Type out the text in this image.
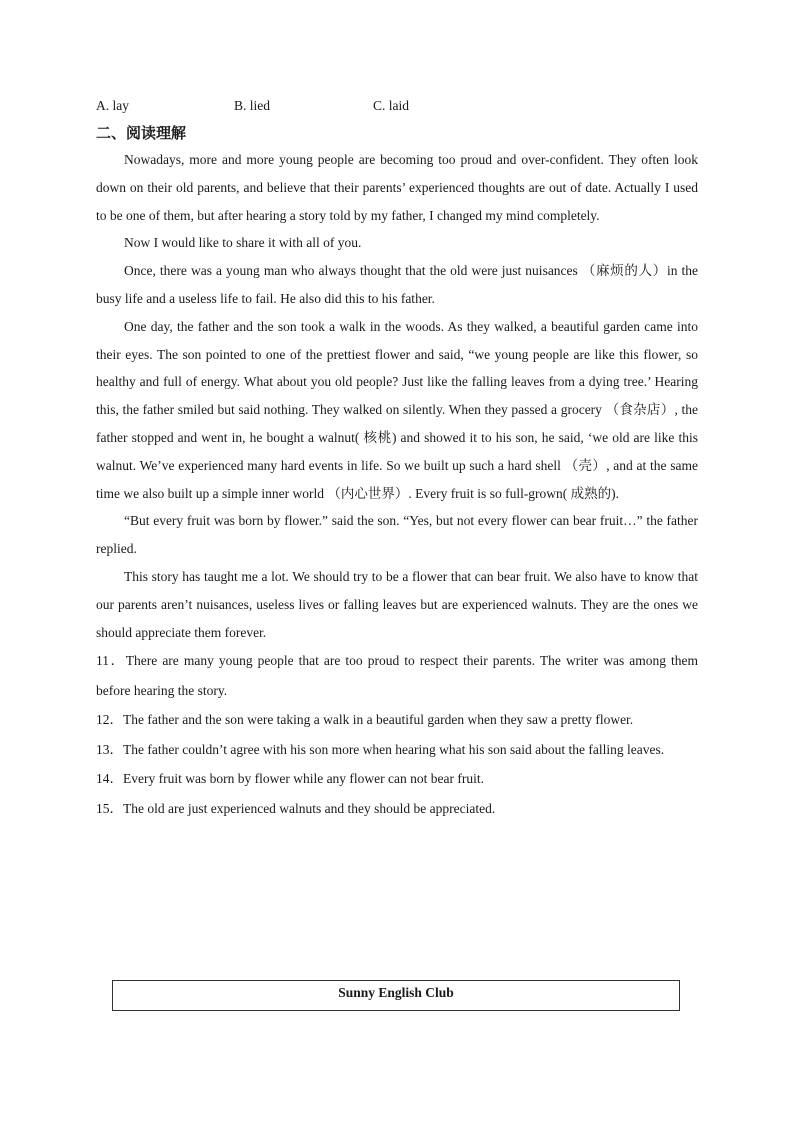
A. lay	B. lied	C. laid
二、阅读理解

Nowadays, more and more young people are becoming too proud and over-confident. They often look down on their old parents, and believe that their parents’ experienced thoughts are out of date. Actually I used to be one of them, but after hearing a story told by my father, I changed my mind completely.

Now I would like to share it with all of you.

Once, there was a young man who always thought that the old were just nuisances （麻烦的人）in the busy life and a useless life to fail. He also did this to his father.

One day, the father and the son took a walk in the woods. As they walked, a beautiful garden came into their eyes. The son pointed to one of the prettiest flower and said, “we young people are like this flower, so healthy and full of energy. What about you old people? Just like the falling leaves from a dying tree.’ Hearing this, the father smiled but said nothing. They walked on silently. When they passed a grocery （食杂店）, the father stopped and went in, he bought a walnut( 核桃) and showed it to his son, he said, ‘we old are like this walnut. We’ve experienced many hard events in life. So we built up such a hard shell （壳）, and at the same time we also built up a simple inner world （内心世界）. Every fruit is so full-grown( 成熟的).

“But every fruit was born by flower.” said the son. “Yes, but not every flower can bear fruit…” the father replied.

This story has taught me a lot. We should try to be a flower that can bear fruit. We also have to know that our parents aren’t nuisances, useless lives or falling leaves but are experienced walnuts. They are the ones we should appreciate them forever.

11．There are many young people that are too proud to respect their parents. The writer was among them before hearing the story.

12．The father and the son were taking a walk in a beautiful garden when they saw a pretty flower.

13．The father couldn’t agree with his son more when hearing what his son said about the falling leaves.

14．Every fruit was born by flower while any flower can not bear fruit.

15．The old are just experienced walnuts and they should be appreciated.

Sunny English Club
